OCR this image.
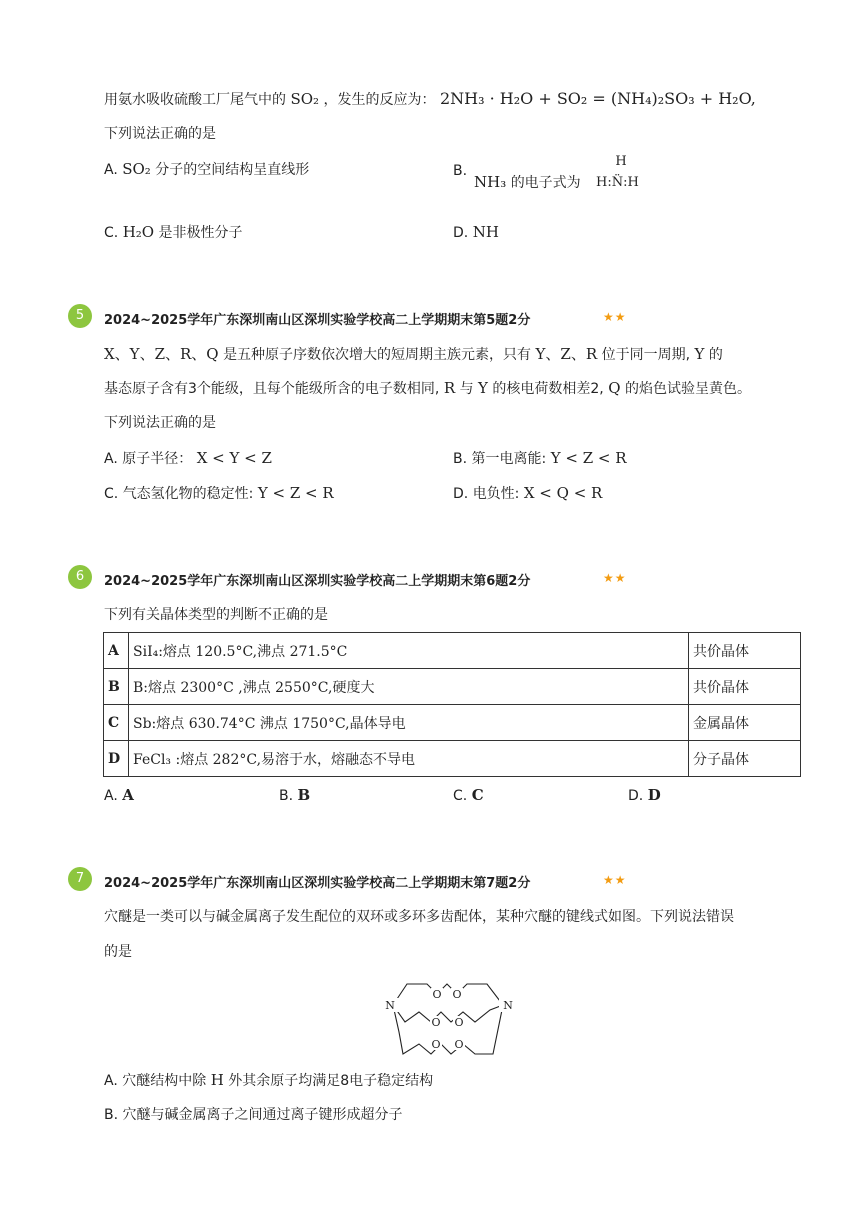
用氨水吸收硫酸工厂尾气中的 SO₂ ，发生的反应为： 2NH₃ · H₂O + SO₂ = (NH₄)₂SO₃ + H₂O,
下列说法正确的是
A. SO₂ 分子的空间结构呈直线形	B.
NH₃ 的电子式为
H
H:N̈:H
C. H₂O 是非极性分子	D. NH
5	2024~2025学年广东深圳南山区深圳实验学校高二上学期期末第5题2分	★★
X、Y、Z、R、Q 是五种原子序数依次增大的短周期主族元素，只有 Y、Z、R 位于同一周期, Y 的
基态原子含有3个能级，且每个能级所含的电子数相同, R 与 Y 的核电荷数相差2, Q 的焰色试验呈黄色。
下列说法正确的是
A. 原子半径： X < Y < Z	B. 第一电离能: Y < Z < R
C. 气态氢化物的稳定性: Y < Z < R	D. 电负性: X < Q < R
6	2024~2025学年广东深圳南山区深圳实验学校高二上学期期末第6题2分	★★
下列有关晶体类型的判断不正确的是
A	SiI₄:熔点 120.5°C,沸点 271.5°C	共价晶体
B	B:熔点 2300°C ,沸点 2550°C,硬度大	共价晶体
C	Sb:熔点 630.74°C 沸点 1750°C,晶体导电	金属晶体
D	FeCl₃ :熔点 282°C,易溶于水，熔融态不导电	分子晶体
A. A	B. B	C. C	D. D
7	2024~2025学年广东深圳南山区深圳实验学校高二上学期期末第7题2分	★★
穴醚是一类可以与碱金属离子发生配位的双环或多环多齿配体，某种穴醚的键线式如图。下列说法错误
的是
N	N
O O
O O
O O
A. 穴醚结构中除 H 外其余原子均满足8电子稳定结构
B. 穴醚与碱金属离子之间通过离子键形成超分子
